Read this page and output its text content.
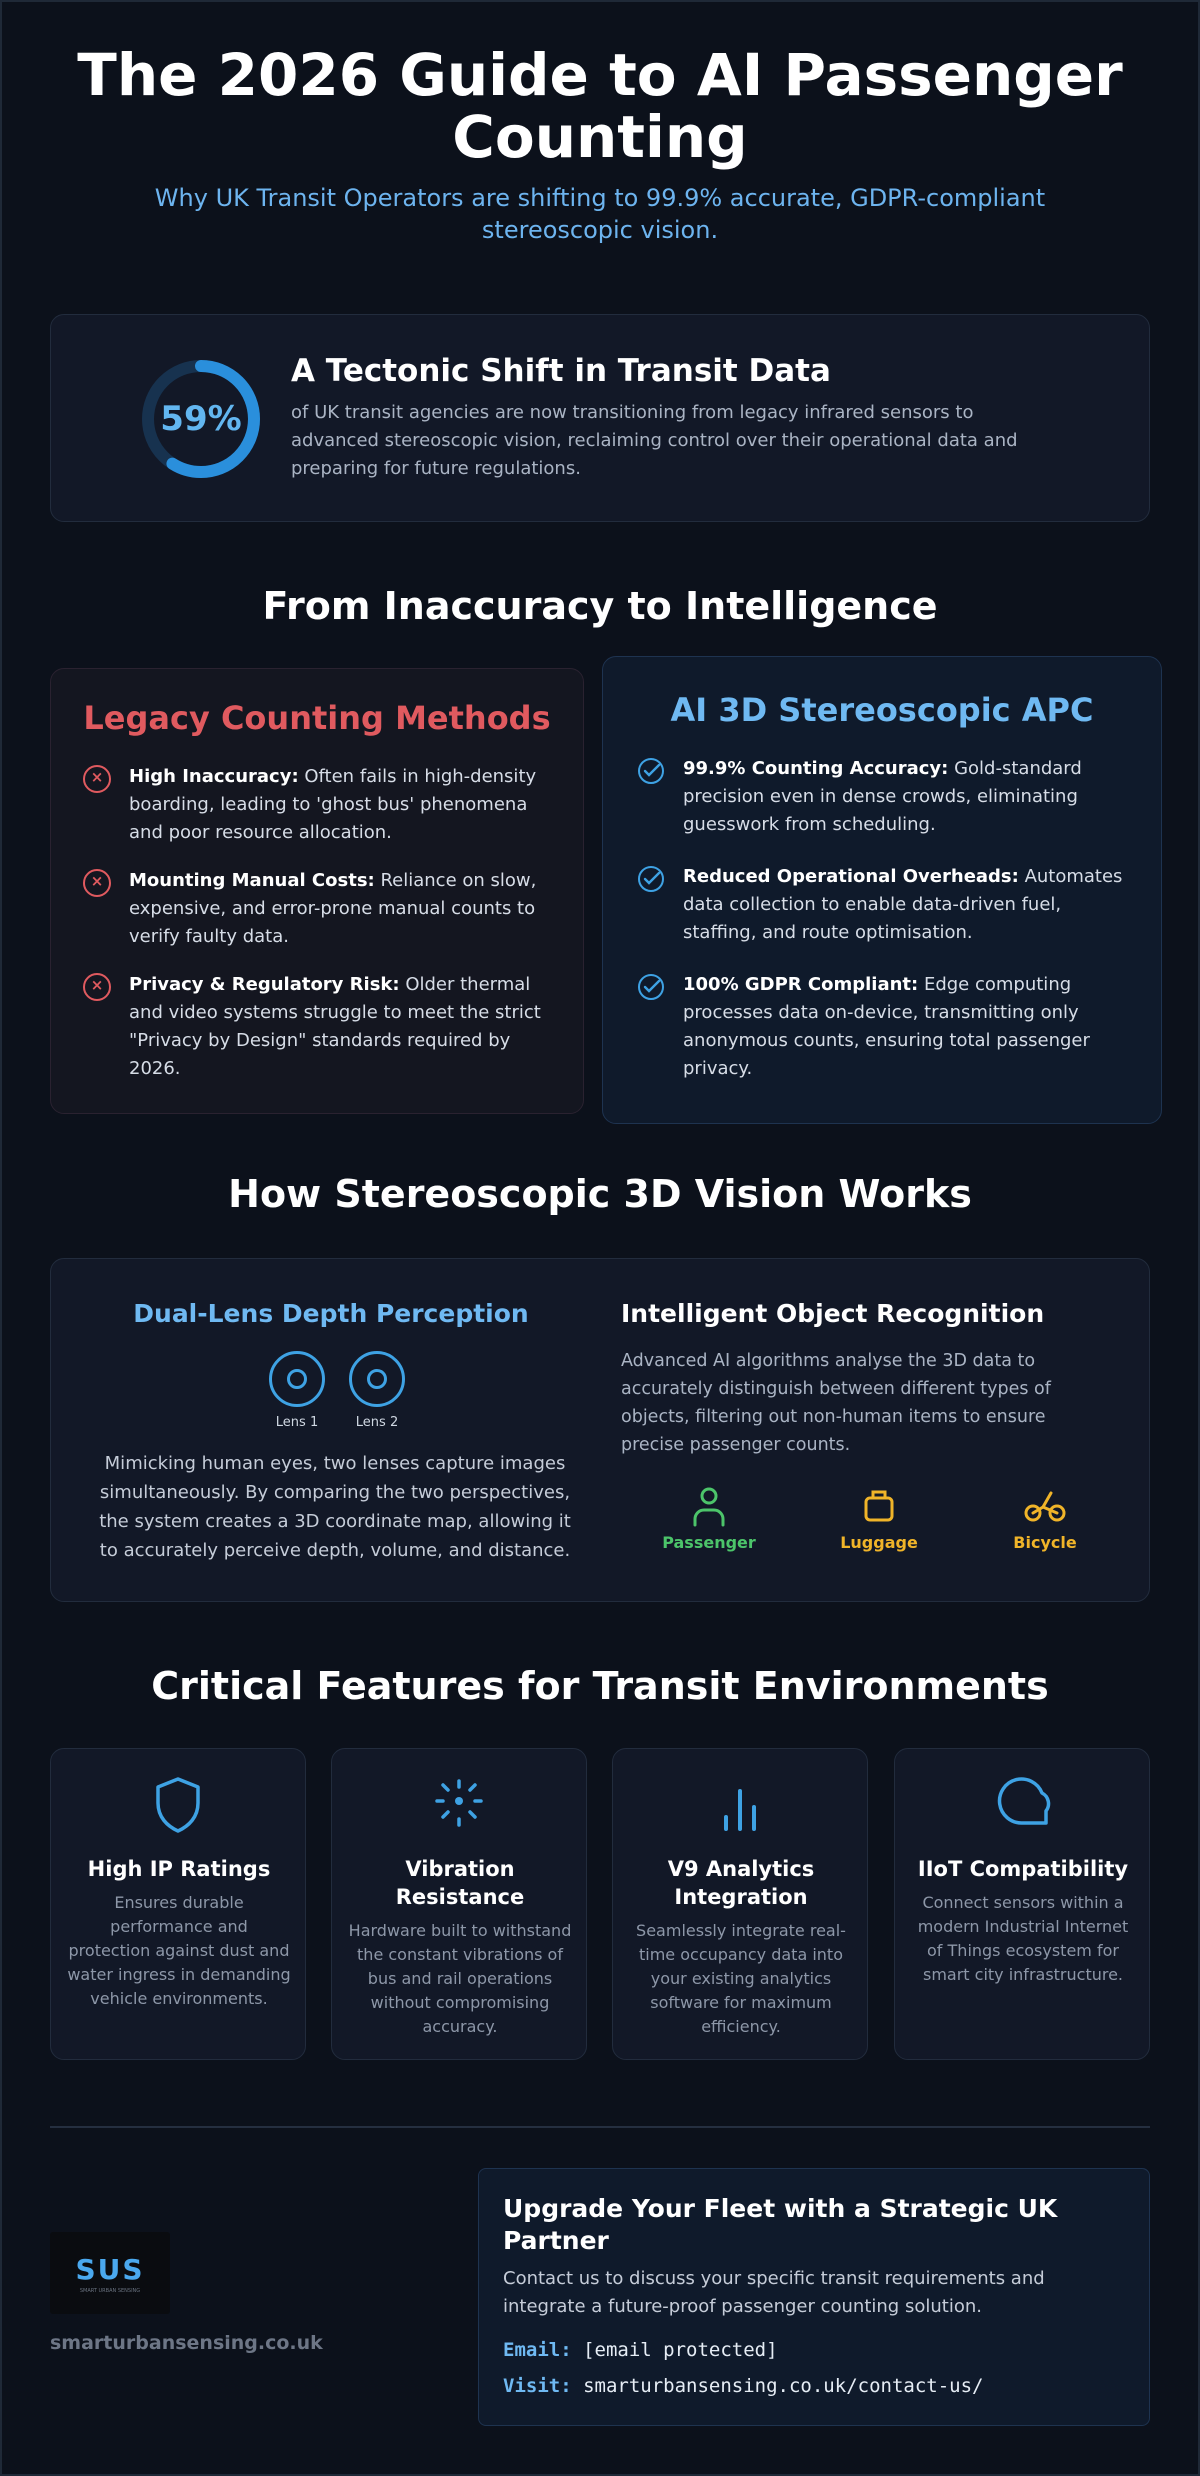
The 2026 Guide to AI Passenger Counting
Why UK Transit Operators are shifting to 99.9% accurate, GDPR-compliant stereoscopic vision.
59%
A Tectonic Shift in Transit Data

of UK transit agencies are now transitioning from legacy infrared sensors to advanced stereoscopic vision, reclaiming control over their operational data and preparing for future regulations.

From Inaccuracy to Intelligence
Legacy Counting Methods
×	High Inaccuracy: Often fails in high-density boarding, leading to 'ghost bus' phenomena and poor resource allocation.
×	Mounting Manual Costs: Reliance on slow, expensive, and error-prone manual counts to verify faulty data.
×	Privacy & Regulatory Risk: Older thermal and video systems struggle to meet the strict "Privacy by Design" standards required by 2026.
AI 3D Stereoscopic APC
99.9% Counting Accuracy: Gold-standard precision even in dense crowds, eliminating guesswork from scheduling.
Reduced Operational Overheads: Automates data collection to enable data-driven fuel, staffing, and route optimisation.
100% GDPR Compliant: Edge computing processes data on-device, transmitting only anonymous counts, ensuring total passenger privacy.
How Stereoscopic 3D Vision Works
Dual-Lens Depth Perception
Lens 1	Lens 2
Mimicking human eyes, two lenses capture images simultaneously. By comparing the two perspectives, the system creates a 3D coordinate map, allowing it to accurately perceive depth, volume, and distance.
Intelligent Object Recognition
Advanced AI algorithms analyse the 3D data to accurately distinguish between different types of objects, filtering out non-human items to ensure precise passenger counts.
Passenger	Luggage	Bicycle
Critical Features for Transit Environments
High IP Ratings

Ensures durable performance and protection against dust and water ingress in demanding vehicle environments.

Vibration Resistance

Hardware built to withstand the constant vibrations of bus and rail operations without compromising accuracy.

V9 Analytics Integration

Seamlessly integrate real-time occupancy data into your existing analytics software for maximum efficiency.

IIoT Compatibility

Connect sensors within a modern Industrial Internet of Things ecosystem for smart city infrastructure.

SUS
SMART URBAN SENSING
smarturbansensing.co.uk
Upgrade Your Fleet with a Strategic UK Partner

Contact us to discuss your specific transit requirements and integrate a future-proof passenger counting solution.

Email: [email protected]
Visit: smarturbansensing.co.uk/contact-us/
